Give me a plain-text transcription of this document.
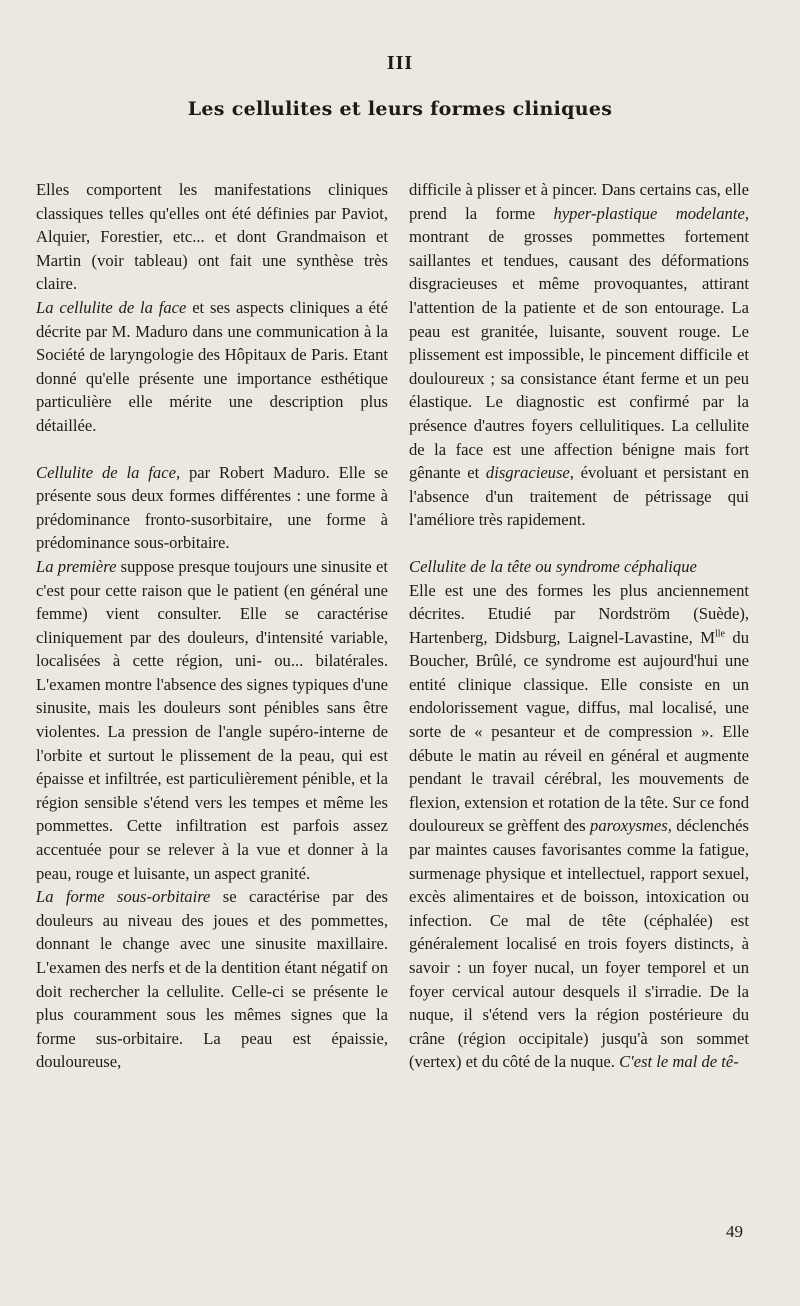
III
Les cellulites et leurs formes cliniques

Elles comportent les manifestations cliniques classiques telles qu'elles ont été définies par Paviot, Alquier, Forestier, etc... et dont Grandmaison et Martin (voir tableau) ont fait une synthèse très claire.

La cellulite de la face et ses aspects cliniques a été décrite par M. Maduro dans une communication à la Société de laryngologie des Hôpitaux de Paris. Etant donné qu'elle présente une importance esthétique particulière elle mérite une description plus détaillée.

Cellulite de la face, par Robert Maduro. Elle se présente sous deux formes différentes : une forme à prédominance fronto-susorbitaire, une forme à prédominance sous-orbitaire.

La première suppose presque toujours une sinusite et c'est pour cette raison que le patient (en général une femme) vient consulter. Elle se caractérise cliniquement par des douleurs, d'intensité variable, localisées à cette région, uni- ou... bilatérales. L'examen montre l'absence des signes typiques d'une sinusite, mais les douleurs sont pénibles sans être violentes. La pression de l'angle supéro-interne de l'orbite et surtout le plissement de la peau, qui est épaisse et infiltrée, est particulièrement pénible, et la région sensible s'étend vers les tempes et même les pommettes. Cette infiltration est parfois assez accentuée pour se relever à la vue et donner à la peau, rouge et luisante, un aspect granité.

La forme sous-orbitaire se caractérise par des douleurs au niveau des joues et des pommettes, donnant le change avec une sinusite maxillaire. L'examen des nerfs et de la dentition étant négatif on doit rechercher la cellulite. Celle-ci se présente le plus couramment sous les mêmes signes que la forme sus-orbitaire. La peau est épaissie, douloureuse,

difficile à plisser et à pincer. Dans certains cas, elle prend la forme hyper-plastique modelante, montrant de grosses pommettes fortement saillantes et tendues, causant des déformations disgracieuses et même provoquantes, attirant l'attention de la patiente et de son entourage. La peau est granitée, luisante, souvent rouge. Le plissement est impossible, le pincement difficile et douloureux ; sa consistance étant ferme et un peu élastique. Le diagnostic est confirmé par la présence d'autres foyers cellulitiques. La cellulite de la face est une affection bénigne mais fort gênante et disgracieuse, évoluant et persistant en l'absence d'un traitement de pétrissage qui l'améliore très rapidement.

Cellulite de la tête ou syndrome céphalique

Elle est une des formes les plus anciennement décrites. Etudié par Nordström (Suède), Hartenberg, Didsburg, Laignel-Lavastine, $M^{lle}$ du Boucher, Brûlé, ce syndrome est aujourd'hui une entité clinique classique. Elle consiste en un endolorissement vague, diffus, mal localisé, une sorte de « pesanteur et de compression ». Elle débute le matin au réveil en général et augmente pendant le travail cérébral, les mouvements de flexion, extension et rotation de la tête. Sur ce fond douloureux se grèffent des paroxysmes, déclenchés par maintes causes favorisantes comme la fatigue, surmenage physique et intellectuel, rapport sexuel, excès alimentaires et de boisson, intoxication ou infection. Ce mal de tête (céphalée) est généralement localisé en trois foyers distincts, à savoir : un foyer nucal, un foyer temporel et un foyer cervical autour desquels il s'irradie. De la nuque, il s'étend vers la région postérieure du crâne (région occipitale) jusqu'à son sommet (vertex) et du côté de la nuque. C'est le mal de tê-

49
